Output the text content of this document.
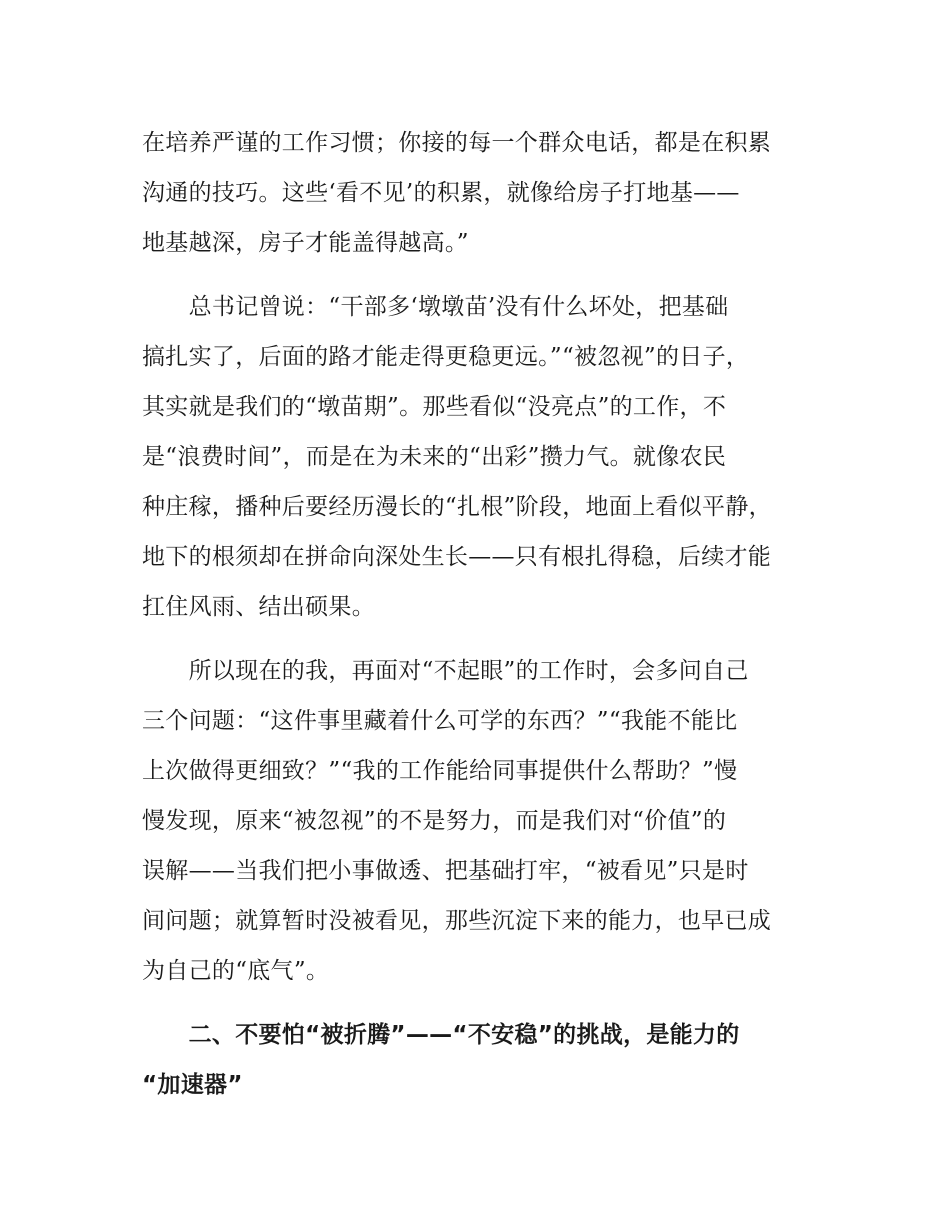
在培养严谨的工作习惯；你接的每一个群众电话，都是在积累
沟通的技巧。这些‘看不见’的积累，就像给房子打地基——
地基越深，房子才能盖得越高。”
　　总书记曾说：“干部多‘墩墩苗’没有什么坏处，把基础
搞扎实了，后面的路才能走得更稳更远。”“被忽视”的日子，
其实就是我们的“墩苗期”。那些看似“没亮点”的工作，不
是“浪费时间”，而是在为未来的“出彩”攒力气。就像农民
种庄稼，播种后要经历漫长的“扎根”阶段，地面上看似平静，
地下的根须却在拼命向深处生长——只有根扎得稳，后续才能
扛住风雨、结出硕果。
　　所以现在的我，再面对“不起眼”的工作时，会多问自己
三个问题：“这件事里藏着什么可学的东西？”“我能不能比
上次做得更细致？”“我的工作能给同事提供什么帮助？”慢
慢发现，原来“被忽视”的不是努力，而是我们对“价值”的
误解——当我们把小事做透、把基础打牢，“被看见”只是时
间问题；就算暂时没被看见，那些沉淀下来的能力，也早已成
为自己的“底气”。
　　二、不要怕“被折腾”——“不安稳”的挑战，是能力的
“加速器”
